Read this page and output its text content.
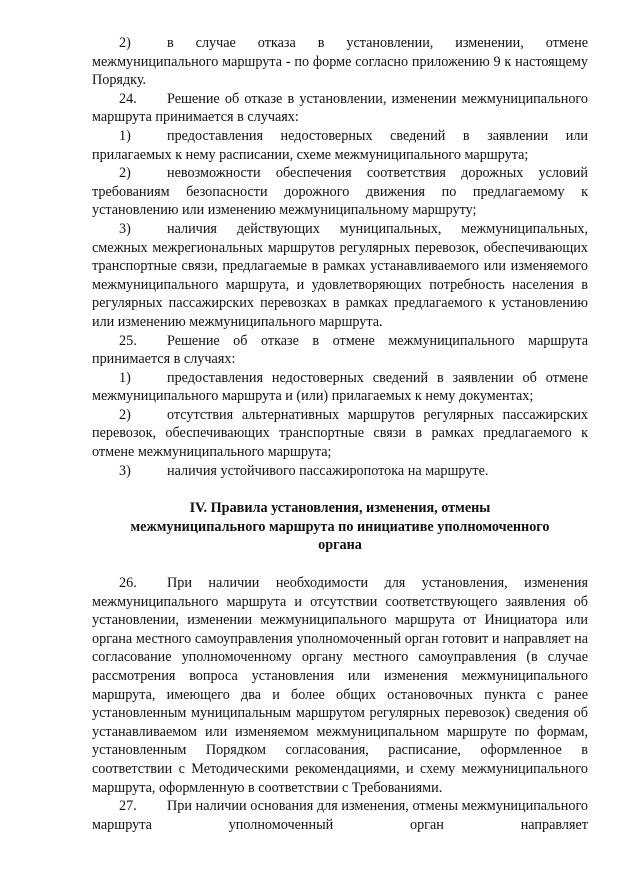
2)	в случае отказа в установлении, изменении, отмене межмуниципального маршрута - по форме согласно приложению 9 к настоящему Порядку.

24. Решение об отказе в установлении, изменении межмуниципального маршрута принимается в случаях:

1)	предоставления недостоверных сведений в заявлении или прилагаемых к нему расписании, схеме межмуниципального маршрута;

2)	невозможности обеспечения соответствия дорожных условий требованиям безопасности дорожного движения по предлагаемому к установлению или изменению межмуниципальному маршруту;

3)	наличия действующих муниципальных, межмуниципальных, смежных межрегиональных маршрутов регулярных перевозок, обеспечивающих транспортные связи, предлагаемые в рамках устанавливаемого или изменяемого межмуниципального маршрута, и удовлетворяющих потребность населения в регулярных пассажирских перевозках в рамках предлагаемого к установлению или изменению межмуниципального маршрута.

25. Решение об отказе в отмене межмуниципального маршрута принимается в случаях:

1)	предоставления недостоверных сведений в заявлении об отмене межмуниципального маршрута и (или) прилагаемых к нему документах;

2)	отсутствия альтернативных маршрутов регулярных пассажирских перевозок, обеспечивающих транспортные связи в рамках предлагаемого к отмене межмуниципального маршрута;

3)	наличия устойчивого пассажиропотока на маршруте.

IV. Правила установления, изменения, отмены
межмуниципального маршрута по инициативе уполномоченного
органа

26. При наличии необходимости для установления, изменения межмуниципального маршрута и отсутствии соответствующего заявления об установлении, изменении межмуниципального маршрута от Инициатора или органа местного самоуправления уполномоченный орган готовит и направляет на согласование уполномоченному органу местного самоуправления (в случае рассмотрения вопроса установления или изменения межмуниципального маршрута, имеющего два и более общих остановочных пункта с ранее установленным муниципальным маршрутом регулярных перевозок) сведения об устанавливаемом или изменяемом межмуниципальном маршруте по формам, установленным Порядком согласования, расписание, оформленное в соответствии с Методическими рекомендациями, и схему межмуниципального маршрута, оформленную в соответствии с Требованиями.

27. При наличии основания для изменения, отмены межмуниципального маршрута уполномоченный орган направляет
